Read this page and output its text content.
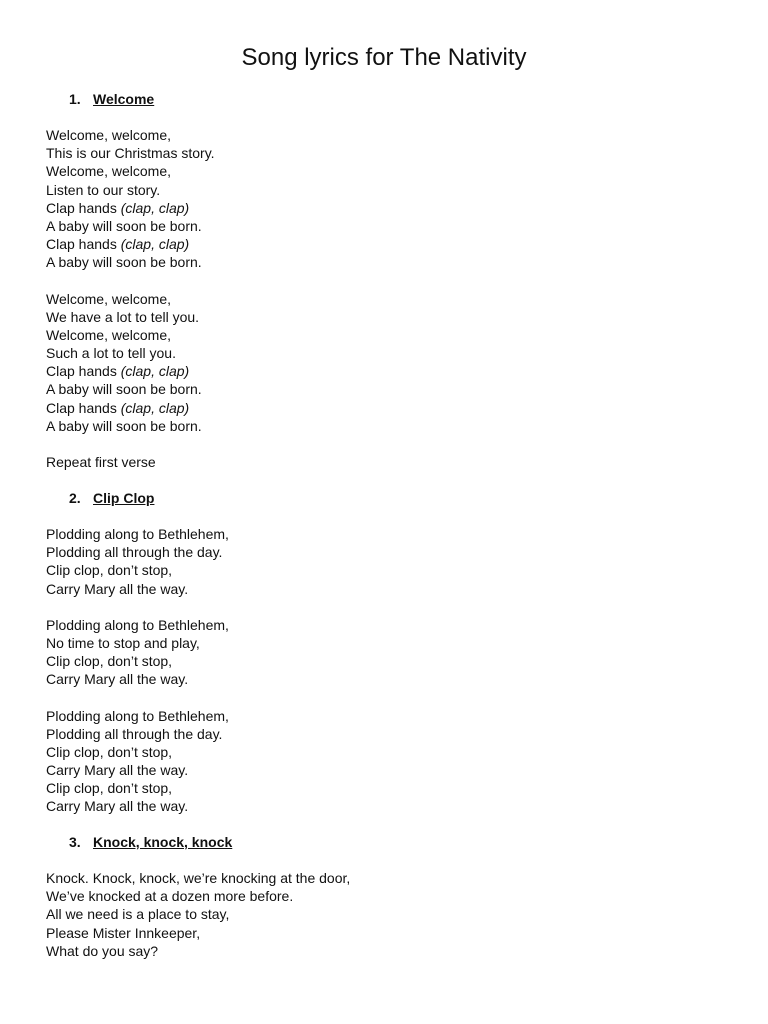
Song lyrics for The Nativity
1. Welcome
Welcome, welcome,
This is our Christmas story.
Welcome, welcome,
Listen to our story.
Clap hands (clap, clap)
A baby will soon be born.
Clap hands (clap, clap)
A baby will soon be born.
Welcome, welcome,
We have a lot to tell you.
Welcome, welcome,
Such a lot to tell you.
Clap hands (clap, clap)
A baby will soon be born.
Clap hands (clap, clap)
A baby will soon be born.
Repeat first verse
2. Clip Clop
Plodding along to Bethlehem,
Plodding all through the day.
Clip clop, don’t stop,
Carry Mary all the way.
Plodding along to Bethlehem,
No time to stop and play,
Clip clop, don’t stop,
Carry Mary all the way.
Plodding along to Bethlehem,
Plodding all through the day.
Clip clop, don’t stop,
Carry Mary all the way.
Clip clop, don’t stop,
Carry Mary all the way.
3. Knock, knock, knock
Knock. Knock, knock, we’re knocking at the door,
We’ve knocked at a dozen more before.
All we need is a place to stay,
Please Mister Innkeeper,
What do you say?
